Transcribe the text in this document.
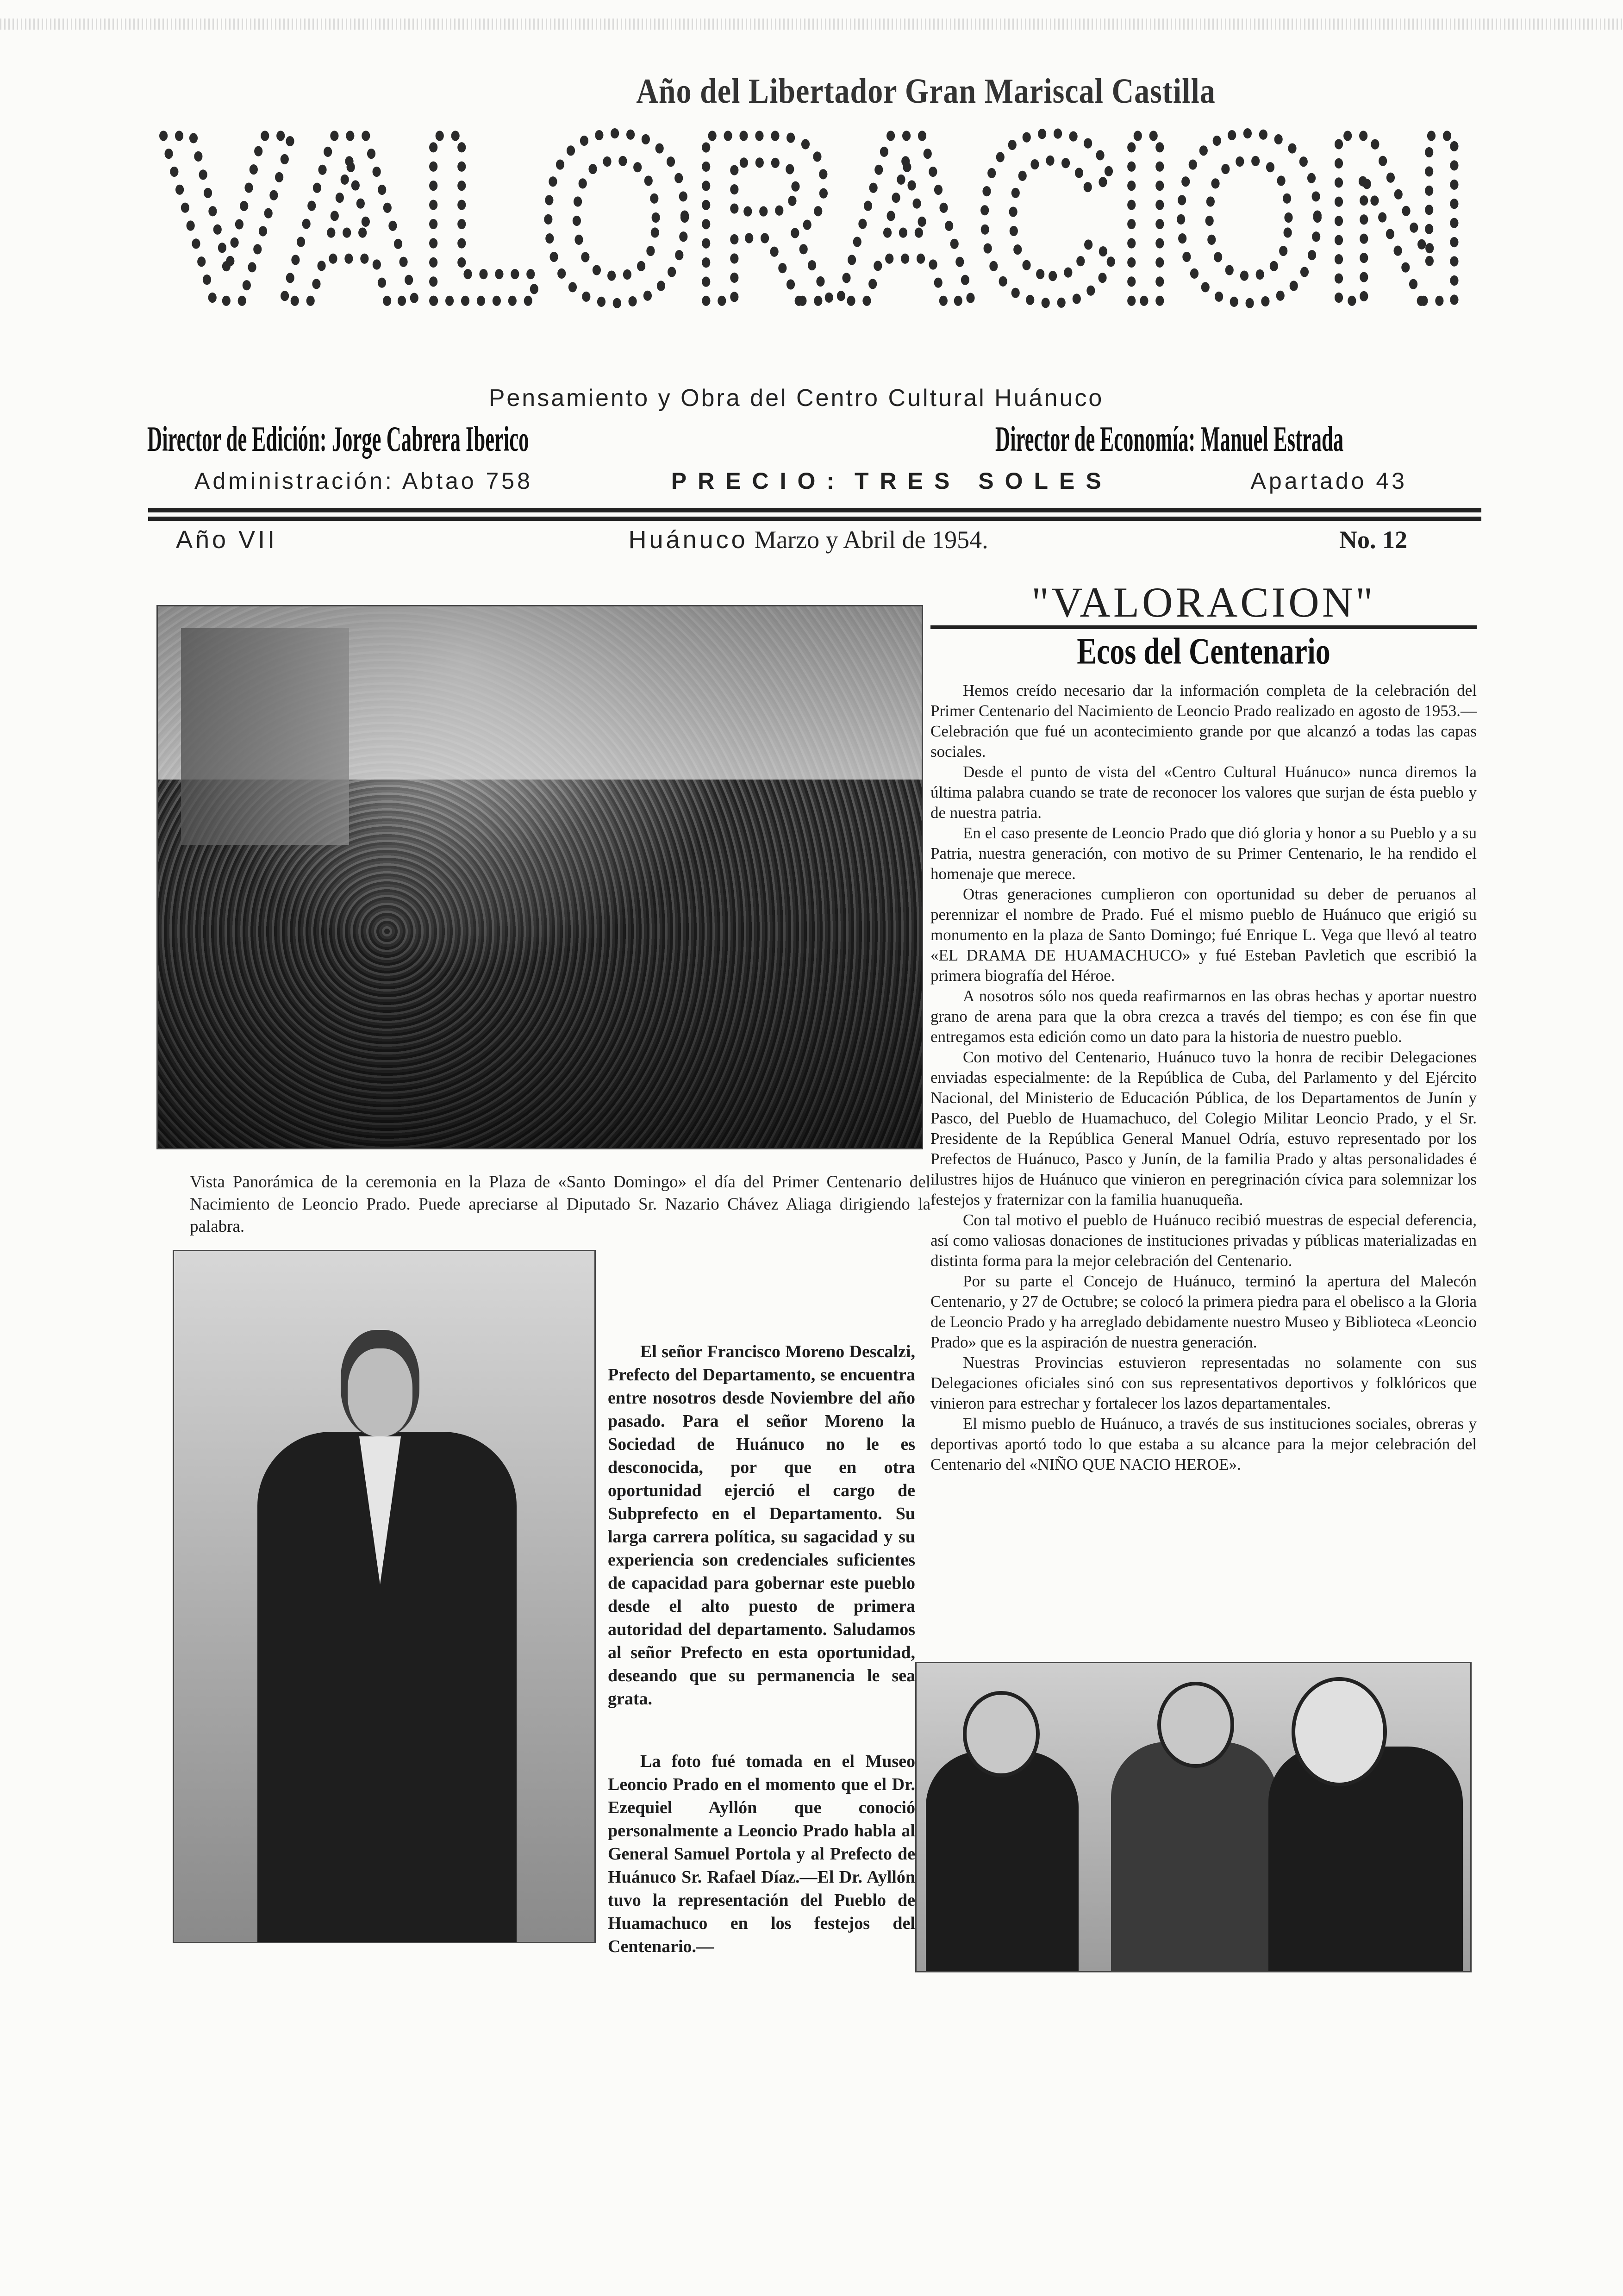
Año del Libertador Gran Mariscal Castilla
VALORACION
Pensamiento y Obra del Centro Cultural Huánuco
Director de Edición: Jorge Cabrera Iberico	Director de Economía: Manuel Estrada
Administración: Abtao 758	PRECIO: TRES SOLES	Apartado 43
Año VII	Huánuco Marzo y Abril de 1954.	No. 12
Vista Panorámica de la ceremonia en la Plaza de «Santo Domingo» el día del Primer Centenario del Nacimiento de Leoncio Prado. Puede apreciarse al Diputado Sr. Nazario Chávez Aliaga dirigiendo la palabra.

El señor Francisco Moreno Descalzi, Prefecto del Departamento, se encuentra entre nosotros desde Noviembre del año pasado. Para el señor Moreno la Sociedad de Huánuco no le es desconocida, por que en otra oportunidad ejerció el cargo de Subprefecto en el Departamento. Su larga carrera política, su sagacidad y su experiencia son credenciales suficientes de capacidad para gobernar este pueblo desde el alto puesto de primera autoridad del departamento. Saludamos al señor Prefecto en esta oportunidad, deseando que su permanencia le sea grata.

La foto fué tomada en el Museo Leoncio Prado en el momento que el Dr. Ezequiel Ayllón que conoció personalmente a Leoncio Prado habla al General Samuel Portola y al Prefecto de Huánuco Sr. Rafael Díaz.—El Dr. Ayllón tuvo la representación del Pueblo de Huamachuco en los festejos del Centenario.—

"VALORACION"
Ecos del Centenario

Hemos creído necesario dar la información completa de la celebración del Primer Centenario del Nacimiento de Leoncio Prado realizado en agosto de 1953.—Celebración que fué un acontecimiento grande por que alcanzó a todas las capas sociales.

Desde el punto de vista del «Centro Cultural Huánuco» nunca diremos la última palabra cuando se trate de reconocer los valores que surjan de ésta pueblo y de nuestra patria.

En el caso presente de Leoncio Prado que dió gloria y honor a su Pueblo y a su Patria, nuestra generación, con motivo de su Primer Centenario, le ha rendido el homenaje que merece.

Otras generaciones cumplieron con oportunidad su deber de peruanos al perennizar el nombre de Prado. Fué el mismo pueblo de Huánuco que erigió su monumento en la plaza de Santo Domingo; fué Enrique L. Vega que llevó al teatro «EL DRAMA DE HUAMACHUCO» y fué Esteban Pavletich que escribió la primera biografía del Héroe.

A nosotros sólo nos queda reafirmarnos en las obras hechas y aportar nuestro grano de arena para que la obra crezca a través del tiempo; es con ése fin que entregamos esta edición como un dato para la historia de nuestro pueblo.

Con motivo del Centenario, Huánuco tuvo la honra de recibir Delegaciones enviadas especialmente: de la República de Cuba, del Parlamento y del Ejército Nacional, del Ministerio de Educación Pública, de los Departamentos de Junín y Pasco, del Pueblo de Huamachuco, del Colegio Militar Leoncio Prado, y el Sr. Presidente de la República General Manuel Odría, estuvo representado por los Prefectos de Huánuco, Pasco y Junín, de la familia Prado y altas personalidades é ilustres hijos de Huánuco que vinieron en peregrinación cívica para solemnizar los festejos y fraternizar con la familia huanuqueña.

Con tal motivo el pueblo de Huánuco recibió muestras de especial deferencia, así como valiosas donaciones de instituciones privadas y públicas materializadas en distinta forma para la mejor celebración del Centenario.

Por su parte el Concejo de Huánuco, terminó la apertura del Malecón Centenario, y 27 de Octubre; se colocó la primera piedra para el obelisco a la Gloria de Leoncio Prado y ha arreglado debidamente nuestro Museo y Biblioteca «Leoncio Prado» que es la aspiración de nuestra generación.

Nuestras Provincias estuvieron representadas no solamente con sus Delegaciones oficiales sinó con sus representativos deportivos y folklóricos que vinieron para estrechar y fortalecer los lazos departamentales.

El mismo pueblo de Huánuco, a través de sus instituciones sociales, obreras y deportivas aportó todo lo que estaba a su alcance para la mejor celebración del Centenario del «NIÑO QUE NACIO HEROE».
